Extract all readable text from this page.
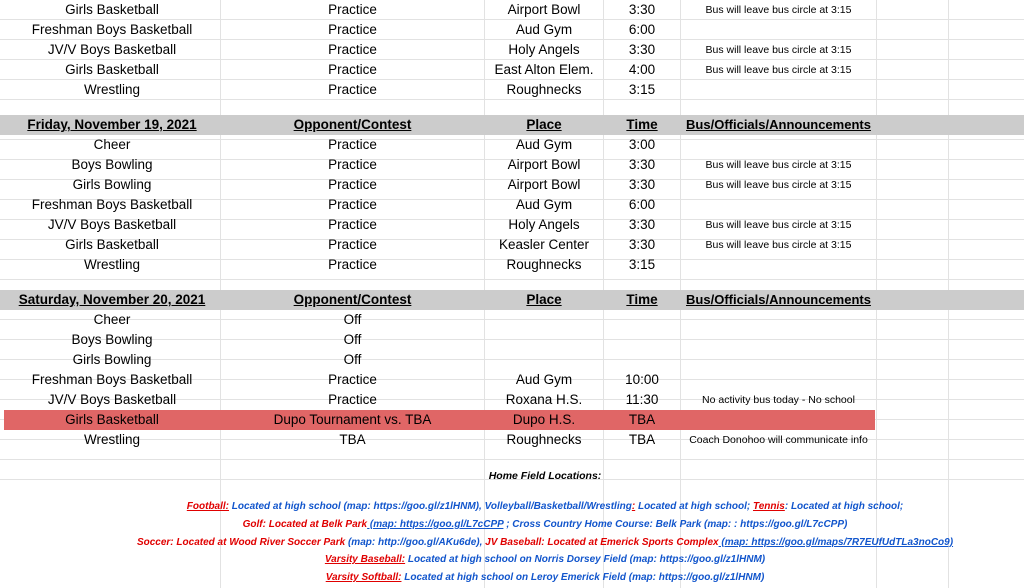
Girls Basketball	Practice	Airport Bowl	3:30	Bus will leave bus circle at 3:15
Freshman Boys Basketball	Practice	Aud Gym	6:00
JV/V Boys Basketball	Practice	Holy Angels	3:30	Bus will leave bus circle at 3:15
Girls Basketball	Practice	East Alton Elem.	4:00	Bus will leave bus circle at 3:15
Wrestling	Practice	Roughnecks	3:15
Friday, November 19, 2021	Opponent/Contest	Place	Time	Bus/Officials/Announcements
Cheer	Practice	Aud Gym	3:00
Boys Bowling	Practice	Airport Bowl	3:30	Bus will leave bus circle at 3:15
Girls Bowling	Practice	Airport Bowl	3:30	Bus will leave bus circle at 3:15
Freshman Boys Basketball	Practice	Aud Gym	6:00
JV/V Boys Basketball	Practice	Holy Angels	3:30	Bus will leave bus circle at 3:15
Girls Basketball	Practice	Keasler Center	3:30	Bus will leave bus circle at 3:15
Wrestling	Practice	Roughnecks	3:15
Saturday, November 20, 2021	Opponent/Contest	Place	Time	Bus/Officials/Announcements
Cheer	Off
Boys Bowling	Off
Girls Bowling	Off
Freshman Boys Basketball	Practice	Aud Gym	10:00
JV/V Boys Basketball	Practice	Roxana H.S.	11:30	No activity bus today - No school
Girls Basketball	Dupo Tournament vs. TBA	Dupo H.S.	TBA
Wrestling	TBA	Roughnecks	TBA	Coach Donohoo will communicate info
Home Field Locations:
Football: Located at high school (map: https://goo.gl/z1lHNM), Volleyball/Basketball/Wrestling: Located at high school; Tennis: Located at high school;
Golf: Located at Belk Park (map: https://goo.gl/L7cCPP ; Cross Country Home Course: Belk Park (map: : https://goo.gl/L7cCPP)
Soccer: Located at Wood River Soccer Park (map: http://goo.gl/AKu6de), JV Baseball: Located at Emerick Sports Complex (map: https://goo.gl/maps/7R7EUfUdTLa3noCo9)
Varsity Baseball: Located at high school on Norris Dorsey Field (map: https://goo.gl/z1lHNM)
Varsity Softball: Located at high school on Leroy Emerick Field (map: https://goo.gl/z1lHNM)
